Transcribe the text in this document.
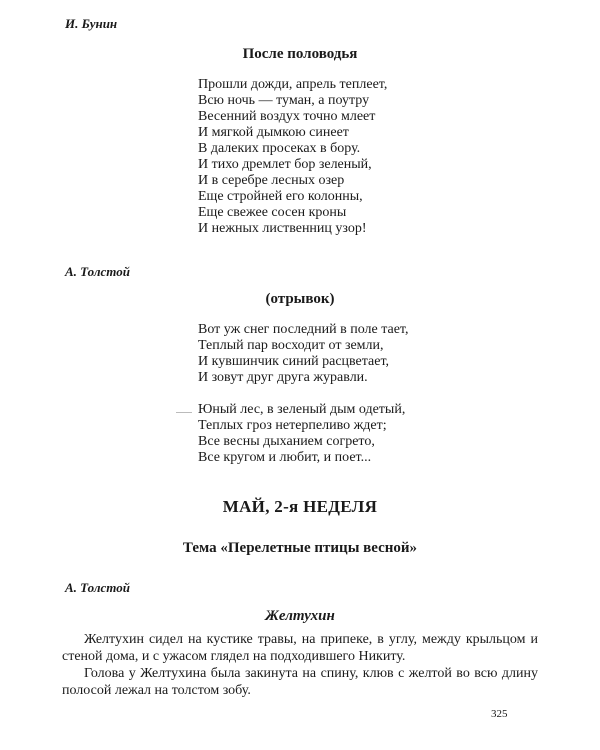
И. Бунин
После половодья
Прошли дожди, апрель теплеет,
Всю ночь — туман, а поутру
Весенний воздух точно млеет
И мягкой дымкою синеет
В далеких просеках в бору.
И тихо дремлет бор зеленый,
И в серебре лесных озер
Еще стройней его колонны,
Еще свежее сосен кроны
И нежных лиственниц узор!
А. Толстой
(отрывок)
Вот уж снег последний в поле тает,
Теплый пар восходит от земли,
И кувшинчик синий расцветает,
И зовут друг друга журавли.
Юный лес, в зеленый дым одетый,
Теплых гроз нетерпеливо ждет;
Все весны дыханием согрето,
Все кругом и любит, и поет...
МАЙ, 2-я НЕДЕЛЯ
Тема «Перелетные птицы весной»
А. Толстой
Желтухин

Желтухин сидел на кустике травы, на припеке, в углу, между крыльцом и стеной дома, и с ужасом глядел на подходившего Никиту.

Голова у Желтухина была закинута на спину, клюв с желтой во всю длину полосой лежал на толстом зобу.

325
